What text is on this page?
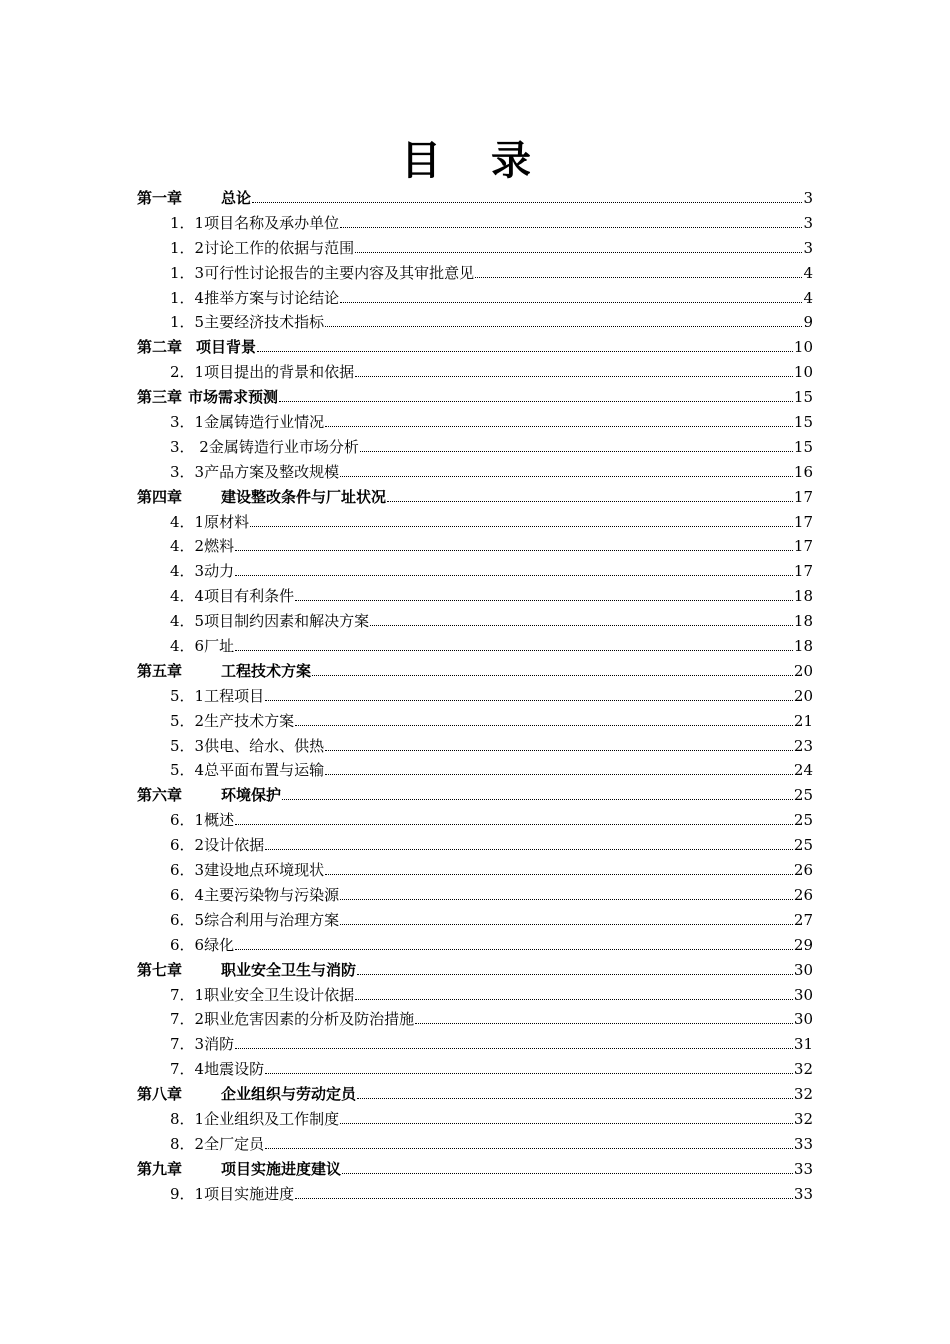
目 录
第一章	总论	3
1．1 项目名称及承办单位	3
1．2 讨论工作的依据与范围	3
1．3 可行性讨论报告的主要内容及其审批意见	4
1．4 推举方案与讨论结论	4
1．5 主要经济技术指标	9
第二章 项目背景	10
2．1 项目提出的背景和依据	10
第三章 市场需求预测	15
3．1 金属铸造行业情况	15
3． 2 金属铸造行业市场分析	15
3．3 产品方案及整改规模	16
第四章	建设整改条件与厂址状况	17
4．1 原材料	17
4．2 燃料	17
4．3 动力	17
4．4 项目有利条件	18
4．5 项目制约因素和解决方案	18
4．6 厂址	18
第五章	工程技术方案	20
5．1 工程项目	20
5．2 生产技术方案	21
5．3 供电、给水、供热	23
5．4 总平面布置与运输	24
第六章	环境保护	25
6．1 概述	25
6．2 设计依据	25
6．3 建设地点环境现状	26
6．4 主要污染物与污染源	26
6．5 综合利用与治理方案	27
6．6 绿化	29
第七章	职业安全卫生与消防	30
7．1 职业安全卫生设计依据	30
7．2 职业危害因素的分析及防治措施	30
7．3 消防	31
7．4 地震设防	32
第八章	企业组织与劳动定员	32
8．1 企业组织及工作制度	32
8．2 全厂定员	33
第九章	项目实施进度建议	33
9．1 项目实施进度	33
